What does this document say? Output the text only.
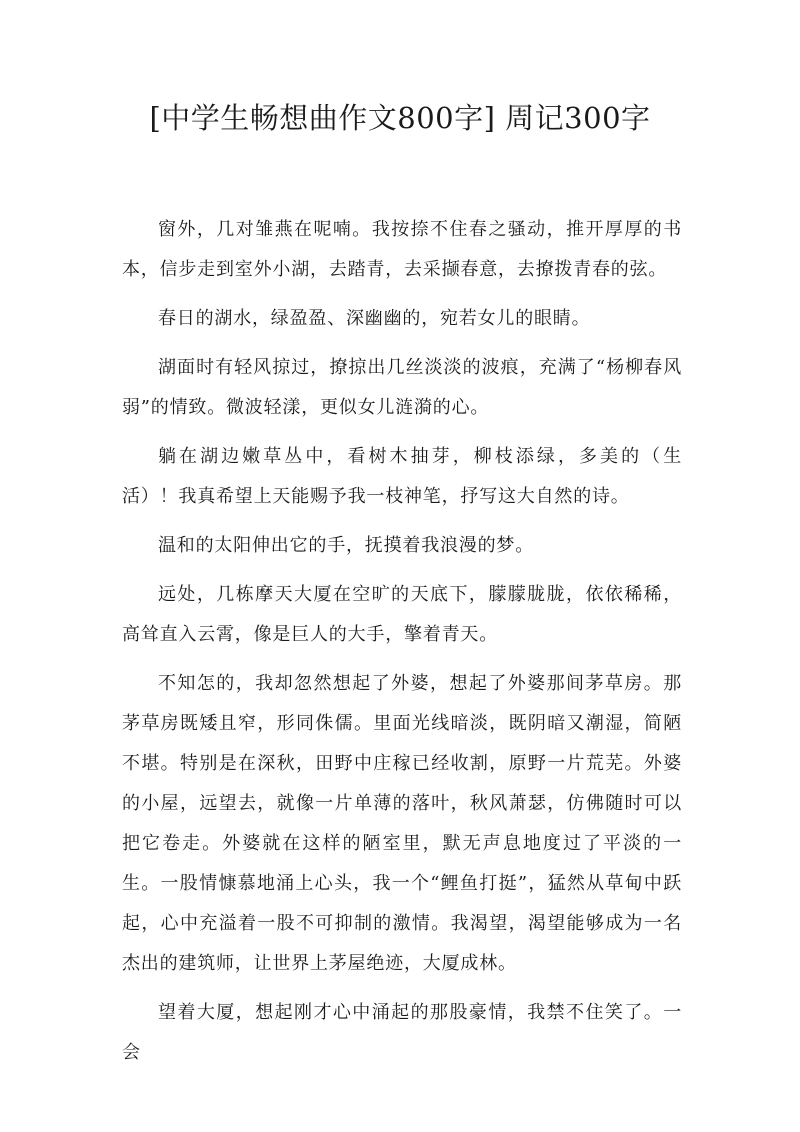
[中学生畅想曲作文800字] 周记300字

窗外，几对雏燕在呢喃。我按捺不住春之骚动，推开厚厚的书本，信步走到室外小湖，去踏青，去采撷春意，去撩拨青春的弦。

春日的湖水，绿盈盈、深幽幽的，宛若女儿的眼睛。

湖面时有轻风掠过，撩掠出几丝淡淡的波痕，充满了“杨柳春风弱”的情致。微波轻漾，更似女儿涟漪的心。

躺在湖边嫩草丛中，看树木抽芽，柳枝添绿，多美的（生活）！我真希望上天能赐予我一枝神笔，抒写这大自然的诗。

温和的太阳伸出它的手，抚摸着我浪漫的梦。

远处，几栋摩天大厦在空旷的天底下，朦朦胧胧，依依稀稀，高耸直入云霄，像是巨人的大手，擎着青天。

不知怎的，我却忽然想起了外婆，想起了外婆那间茅草房。那茅草房既矮且窄，形同侏儒。里面光线暗淡，既阴暗又潮湿，简陋不堪。特别是在深秋，田野中庄稼已经收割，原野一片荒芜。外婆的小屋，远望去，就像一片单薄的落叶，秋风萧瑟，仿佛随时可以把它卷走。外婆就在这样的陋室里，默无声息地度过了平淡的一生。一股情慷慕地涌上心头，我一个“鲤鱼打挺”，猛然从草甸中跃起，心中充溢着一股不可抑制的激情。我渴望，渴望能够成为一名杰出的建筑师，让世界上茅屋绝迹，大厦成林。

望着大厦，想起刚才心中涌起的那股豪情，我禁不住笑了。一会
